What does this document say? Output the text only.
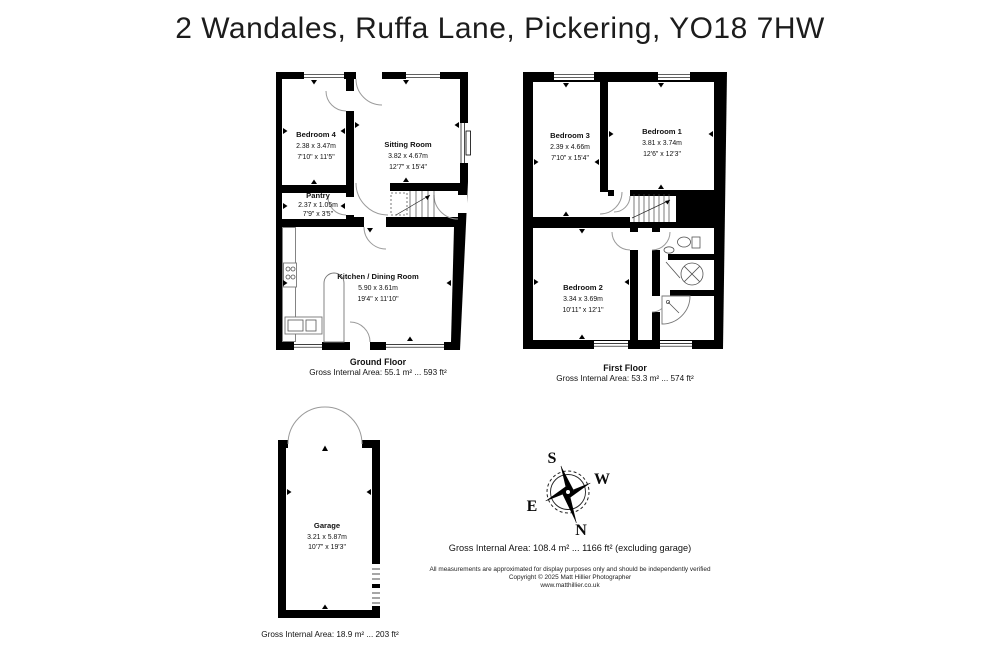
2 Wandales, Ruffa Lane, Pickering, YO18 7HW
Bedroom 4
2.38 x 3.47m
7'10" x 11'5"
Sitting Room
3.82 x 4.67m
12'7" x 15'4"
Pantry
2.37 x 1.05m
7'9" x 3'5"
Kitchen / Dining Room
5.90 x 3.61m
19'4" x 11'10"
Ground Floor
Gross Internal Area: 55.1 m² ... 593 ft²
Bedroom 3
2.39 x 4.66m
7'10" x 15'4"
Bedroom 1
3.81 x 3.74m
12'6" x 12'3"
Bedroom 2
3.34 x 3.69m
10'11" x 12'1"
First Floor
Gross Internal Area: 53.3 m² ... 574 ft²
Garage
3.21 x 5.87m
10'7" x 19'3"
Gross Internal Area: 18.9 m² ... 203 ft²
S
W
E
N
Gross Internal Area: 108.4 m² ... 1166 ft² (excluding garage)
All measurements are approximated for display purposes only and should be independently verified
Copyright © 2025 Matt Hillier Photographer
www.matthillier.co.uk
